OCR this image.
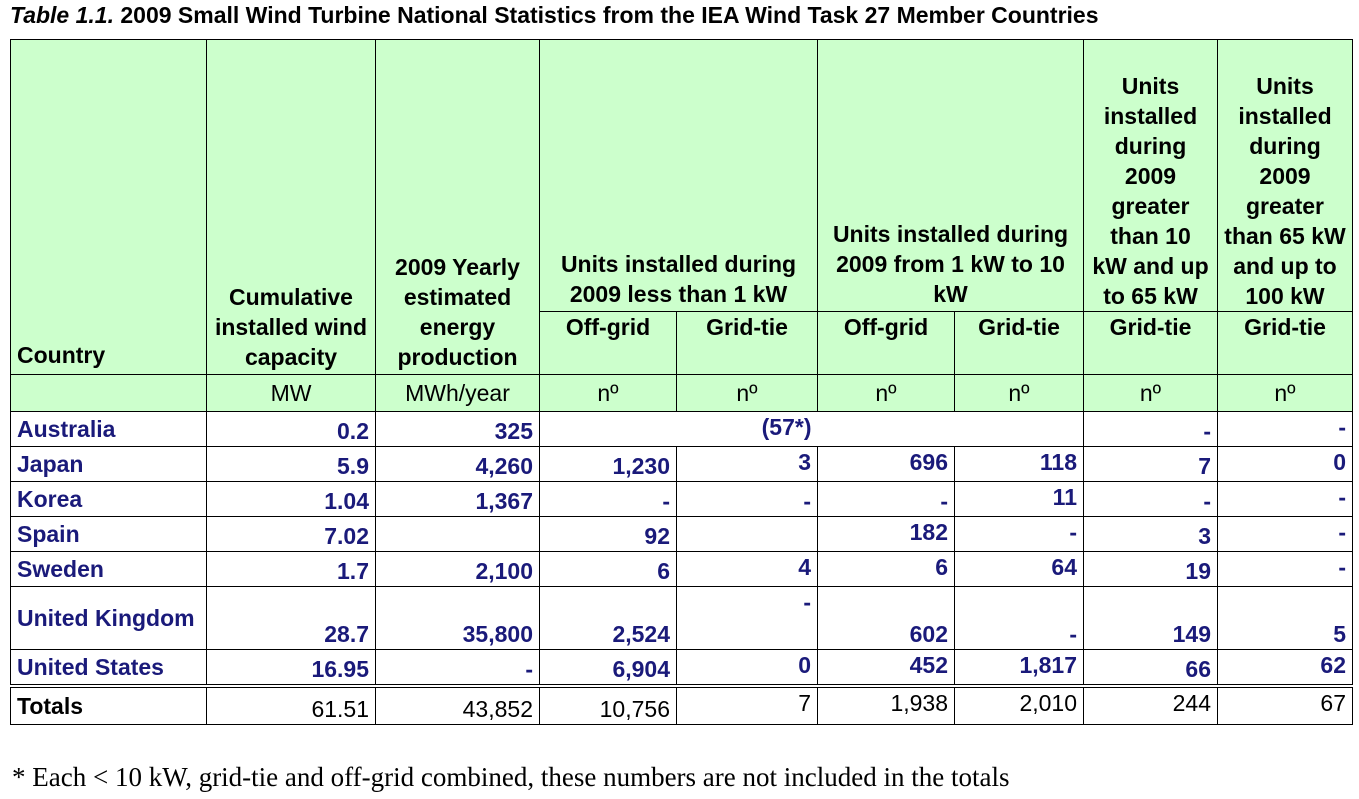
Table 1.1. 2009 Small Wind Turbine National Statistics from the IEA Wind Task 27 Member Countries
Country	Cumulative installed wind capacity	2009 Yearly estimated energy production	Units installed during 2009 less than 1 kW		Units installed during 2009 from 1 kW to 10 kW		Units installed during 2009 greater than 10 kW and up to 65 kW	Units installed during 2009 greater than 65 kW and up to 100 kW
			Off-grid	Grid-tie	Off-grid	Grid-tie	Grid-tie	Grid-tie
	MW	MWh/year	nº	nº	nº	nº	nº	nº
Australia	0.2	325		(57*)			-	-
Japan	5.9	4,260	1,230	3	696	118	7	0
Korea	1.04	1,367	-	-	-	11	-	-
Spain	7.02		92		182	-	3	-
Sweden	1.7	2,100	6	4	6	64	19	-
United Kingdom	28.7	35,800	2,524	-	602	-	149	5
United States	16.95	-	6,904	0	452	1,817	66	62
Totals	61.51	43,852	10,756	7	1,938	2,010	244	67
* Each < 10 kW, grid-tie and off-grid combined, these numbers are not included in the totals
